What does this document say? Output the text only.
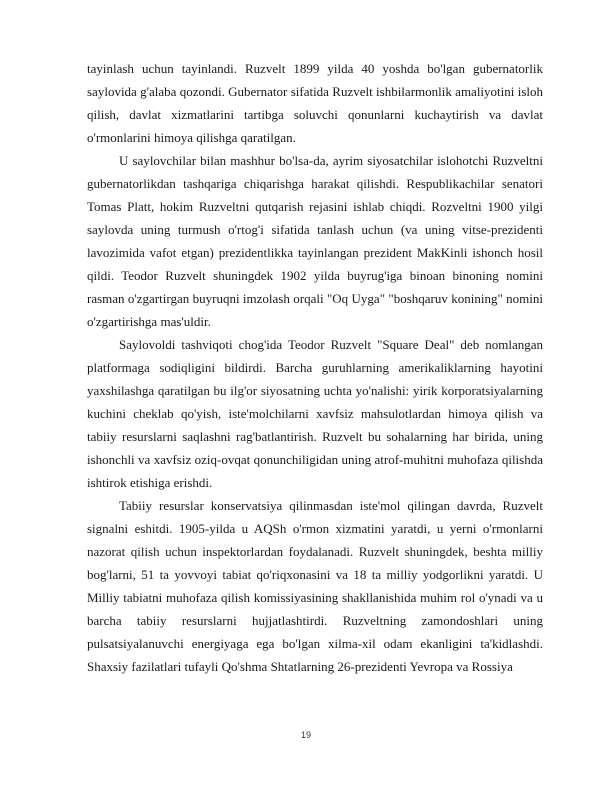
tayinlash uchun tayinlandi. Ruzvelt 1899 yilda 40 yoshda bo'lgan gubernatorlik saylovida g'alaba qozondi. Gubernator sifatida Ruzvelt ishbilarmonlik amaliyotini isloh qilish, davlat xizmatlarini tartibga soluvchi qonunlarni kuchaytirish va davlat o'rmonlarini himoya qilishga qaratilgan.

U saylovchilar bilan mashhur bo'lsa-da, ayrim siyosatchilar islohotchi Ruzveltni gubernatorlikdan tashqariga chiqarishga harakat qilishdi. Respublikachilar senatori Tomas Platt, hokim Ruzveltni qutqarish rejasini ishlab chiqdi. Rozveltni 1900 yilgi saylovda uning turmush o'rtog'i sifatida tanlash uchun (va uning vitse-prezidenti lavozimida vafot etgan) prezidentlikka tayinlangan prezident MakKinli ishonch hosil qildi. Teodor Ruzvelt shuningdek 1902 yilda buyrug'iga binoan binoning nomini rasman o'zgartirgan buyruqni imzolash orqali "Oq Uyga" "boshqaruv konining" nomini o'zgartirishga mas'uldir.

Saylovoldi tashviqoti chog'ida Teodor Ruzvelt "Square Deal" deb nomlangan platformaga sodiqligini bildirdi. Barcha guruhlarning amerikaliklarning hayotini yaxshilashga qaratilgan bu ilg'or siyosatning uchta yo'nalishi: yirik korporatsiyalarning kuchini cheklab qo'yish, iste'molchilarni xavfsiz mahsulotlardan himoya qilish va tabiiy resurslarni saqlashni rag'batlantirish. Ruzvelt bu sohalarning har birida, uning ishonchli va xavfsiz oziq-ovqat qonunchiligidan uning atrof-muhitni muhofaza qilishda ishtirok etishiga erishdi.

Tabiiy resurslar konservatsiya qilinmasdan iste'mol qilingan davrda, Ruzvelt signalni eshitdi. 1905-yilda u AQSh o'rmon xizmatini yaratdi, u yerni o'rmonlarni nazorat qilish uchun inspektorlardan foydalanadi. Ruzvelt shuningdek, beshta milliy bog'larni, 51 ta yovvoyi tabiat qo'riqxonasini va 18 ta milliy yodgorlikni yaratdi. U Milliy tabiatni muhofaza qilish komissiyasining shakllanishida muhim rol o'ynadi va u barcha tabiiy resurslarni hujjatlashtirdi. Ruzveltning zamondoshlari uning pulsatsiyalanuvchi energiyaga ega bo'lgan xilma-xil odam ekanligini ta'kidlashdi. Shaxsiy fazilatlari tufayli Qo'shma Shtatlarning 26-prezidenti Yevropa va Rossiya

19
